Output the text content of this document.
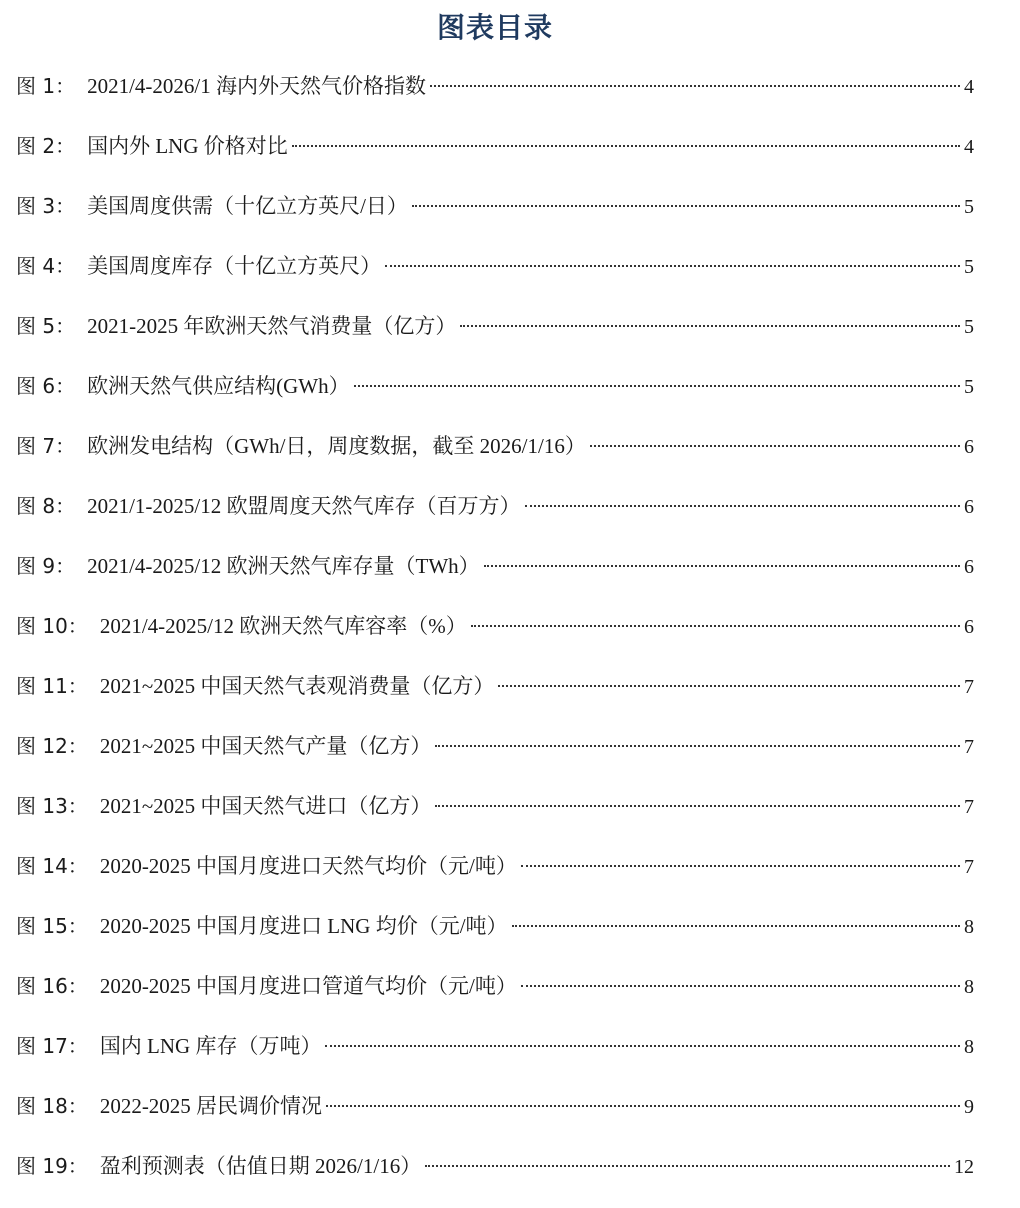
图表目录
图 1： 2021/4-2026/1 海内外天然气价格指数	4
图 2： 国内外 LNG 价格对比	4
图 3： 美国周度供需（十亿立方英尺/日）	5
图 4： 美国周度库存（十亿立方英尺）	5
图 5： 2021-2025 年欧洲天然气消费量（亿方）	5
图 6： 欧洲天然气供应结构(GWh）	5
图 7： 欧洲发电结构（GWh/日，周度数据，截至 2026/1/16）	6
图 8： 2021/1-2025/12 欧盟周度天然气库存（百万方）	6
图 9： 2021/4-2025/12 欧洲天然气库存量（TWh）	6
图 10： 2021/4-2025/12 欧洲天然气库容率（%）	6
图 11： 2021~2025 中国天然气表观消费量（亿方）	7
图 12： 2021~2025 中国天然气产量（亿方）	7
图 13： 2021~2025 中国天然气进口（亿方）	7
图 14： 2020-2025 中国月度进口天然气均价（元/吨）	7
图 15： 2020-2025 中国月度进口 LNG 均价（元/吨）	8
图 16： 2020-2025 中国月度进口管道气均价（元/吨）	8
图 17： 国内 LNG 库存（万吨）	8
图 18： 2022-2025 居民调价情况	9
图 19： 盈利预测表（估值日期 2026/1/16）	12
